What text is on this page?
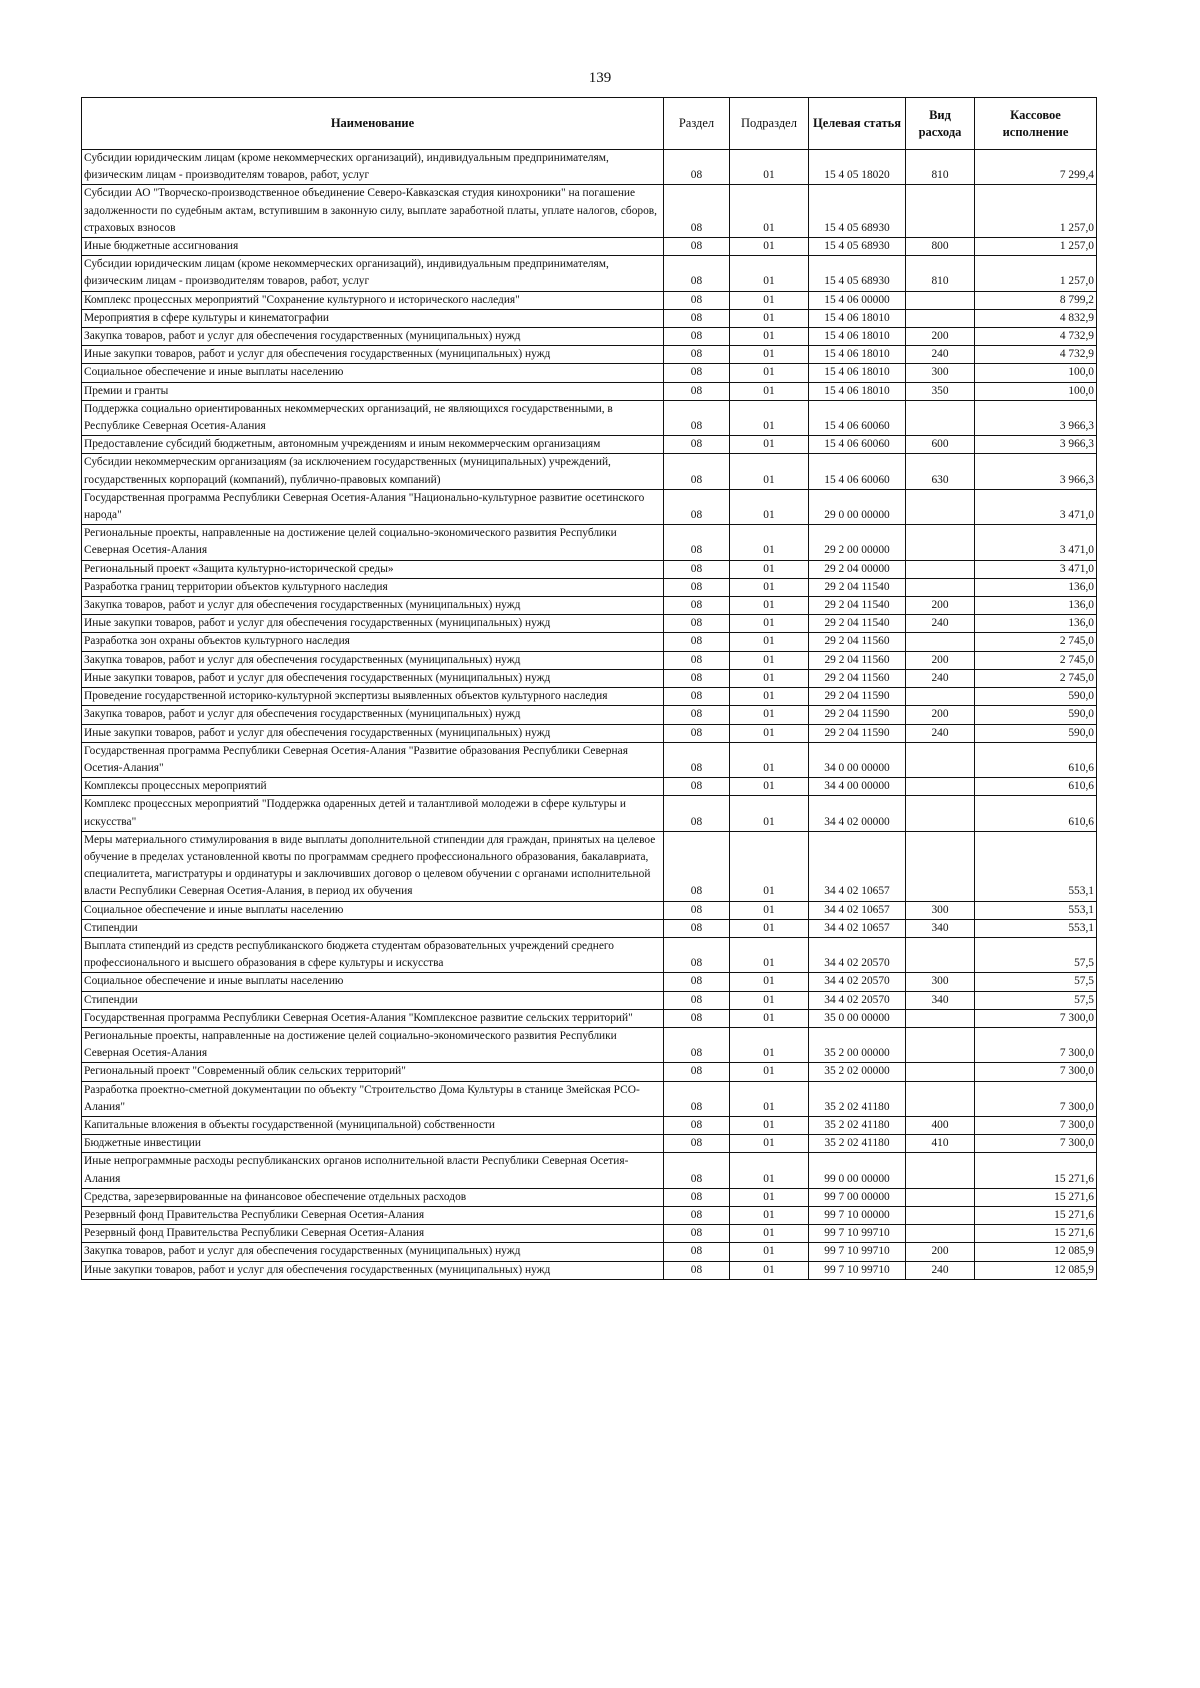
139
Наименование	Раздел	Подраздел	Целевая статья	Вид расхода	Кассовое исполнение
Субсидии юридическим лицам (кроме некоммерческих организаций), индивидуальным предпринимателям, физическим лицам - производителям товаров, работ, услуг	08	01	15 4 05 18020	810	7 299,4
Субсидии АО "Творческо-производственное объединение Северо-Кавказская студия кинохроники" на погашение задолженности по судебным актам, вступившим в законную силу, выплате заработной платы, уплате налогов, сборов, страховых взносов	08	01	15 4 05 68930		1 257,0
Иные бюджетные ассигнования	08	01	15 4 05 68930	800	1 257,0
Субсидии юридическим лицам (кроме некоммерческих организаций), индивидуальным предпринимателям, физическим лицам - производителям товаров, работ, услуг	08	01	15 4 05 68930	810	1 257,0
Комплекс процессных мероприятий "Сохранение культурного и исторического наследия"	08	01	15 4 06 00000		8 799,2
Мероприятия в сфере культуры и кинематографии	08	01	15 4 06 18010		4 832,9
Закупка товаров, работ и услуг для обеспечения государственных (муниципальных) нужд	08	01	15 4 06 18010	200	4 732,9
Иные закупки товаров, работ и услуг для обеспечения государственных (муниципальных) нужд	08	01	15 4 06 18010	240	4 732,9
Социальное обеспечение и иные выплаты населению	08	01	15 4 06 18010	300	100,0
Премии и гранты	08	01	15 4 06 18010	350	100,0
Поддержка социально ориентированных некоммерческих организаций, не являющихся государственными, в Республике Северная Осетия-Алания	08	01	15 4 06 60060		3 966,3
Предоставление субсидий бюджетным, автономным учреждениям и иным некоммерческим организациям	08	01	15 4 06 60060	600	3 966,3
Субсидии некоммерческим организациям (за исключением государственных (муниципальных) учреждений, государственных корпораций (компаний), публично-правовых компаний)	08	01	15 4 06 60060	630	3 966,3
Государственная программа Республики Северная Осетия-Алания "Национально-культурное развитие осетинского народа"	08	01	29 0 00 00000		3 471,0
Региональные проекты, направленные на достижение целей социально-экономического развития Республики Северная Осетия-Алания	08	01	29 2 00 00000		3 471,0
Региональный проект «Защита культурно-исторической среды»	08	01	29 2 04 00000		3 471,0
Разработка границ территории объектов культурного наследия	08	01	29 2 04 11540		136,0
Закупка товаров, работ и услуг для обеспечения государственных (муниципальных) нужд	08	01	29 2 04 11540	200	136,0
Иные закупки товаров, работ и услуг для обеспечения государственных (муниципальных) нужд	08	01	29 2 04 11540	240	136,0
Разработка зон охраны объектов культурного наследия	08	01	29 2 04 11560		2 745,0
Закупка товаров, работ и услуг для обеспечения государственных (муниципальных) нужд	08	01	29 2 04 11560	200	2 745,0
Иные закупки товаров, работ и услуг для обеспечения государственных (муниципальных) нужд	08	01	29 2 04 11560	240	2 745,0
Проведение государственной историко-культурной экспертизы выявленных объектов культурного наследия	08	01	29 2 04 11590		590,0
Закупка товаров, работ и услуг для обеспечения государственных (муниципальных) нужд	08	01	29 2 04 11590	200	590,0
Иные закупки товаров, работ и услуг для обеспечения государственных (муниципальных) нужд	08	01	29 2 04 11590	240	590,0
Государственная программа Республики Северная Осетия-Алания "Развитие образования Республики Северная Осетия-Алания"	08	01	34 0 00 00000		610,6
Комплексы процессных мероприятий	08	01	34 4 00 00000		610,6
Комплекс процессных мероприятий "Поддержка одаренных детей и талантливой молодежи в сфере культуры и искусства"	08	01	34 4 02 00000		610,6
Меры материального стимулирования в виде выплаты дополнительной стипендии для граждан, принятых на целевое обучение в пределах установленной квоты по программам среднего профессионального образования, бакалавриата, специалитета, магистратуры и ординатуры и заключивших договор о целевом обучении с органами исполнительной власти Республики Северная Осетия-Алания, в период их обучения	08	01	34 4 02 10657		553,1
Социальное обеспечение и иные выплаты населению	08	01	34 4 02 10657	300	553,1
Стипендии	08	01	34 4 02 10657	340	553,1
Выплата стипендий из средств республиканского бюджета студентам образовательных учреждений среднего профессионального и высшего образования в сфере культуры и искусства	08	01	34 4 02 20570		57,5
Социальное обеспечение и иные выплаты населению	08	01	34 4 02 20570	300	57,5
Стипендии	08	01	34 4 02 20570	340	57,5
Государственная программа Республики Северная Осетия-Алания "Комплексное развитие сельских территорий"	08	01	35 0 00 00000		7 300,0
Региональные проекты, направленные на достижение целей социально-экономического развития Республики Северная Осетия-Алания	08	01	35 2 00 00000		7 300,0
Региональный проект "Современный облик сельских территорий"	08	01	35 2 02 00000		7 300,0
Разработка проектно-сметной документации по объекту "Строительство Дома Культуры в станице Змейская РСО-Алания"	08	01	35 2 02 41180		7 300,0
Капитальные вложения в объекты государственной (муниципальной) собственности	08	01	35 2 02 41180	400	7 300,0
Бюджетные инвестиции	08	01	35 2 02 41180	410	7 300,0
Иные непрограммные расходы республиканских органов исполнительной власти Республики Северная Осетия-Алания	08	01	99 0 00 00000		15 271,6
Средства, зарезервированные на финансовое обеспечение отдельных расходов	08	01	99 7 00 00000		15 271,6
Резервный фонд Правительства Республики Северная Осетия-Алания	08	01	99 7 10 00000		15 271,6
Резервный фонд Правительства Республики Северная Осетия-Алания	08	01	99 7 10 99710		15 271,6
Закупка товаров, работ и услуг для обеспечения государственных (муниципальных) нужд	08	01	99 7 10 99710	200	12 085,9
Иные закупки товаров, работ и услуг для обеспечения государственных (муниципальных) нужд	08	01	99 7 10 99710	240	12 085,9
